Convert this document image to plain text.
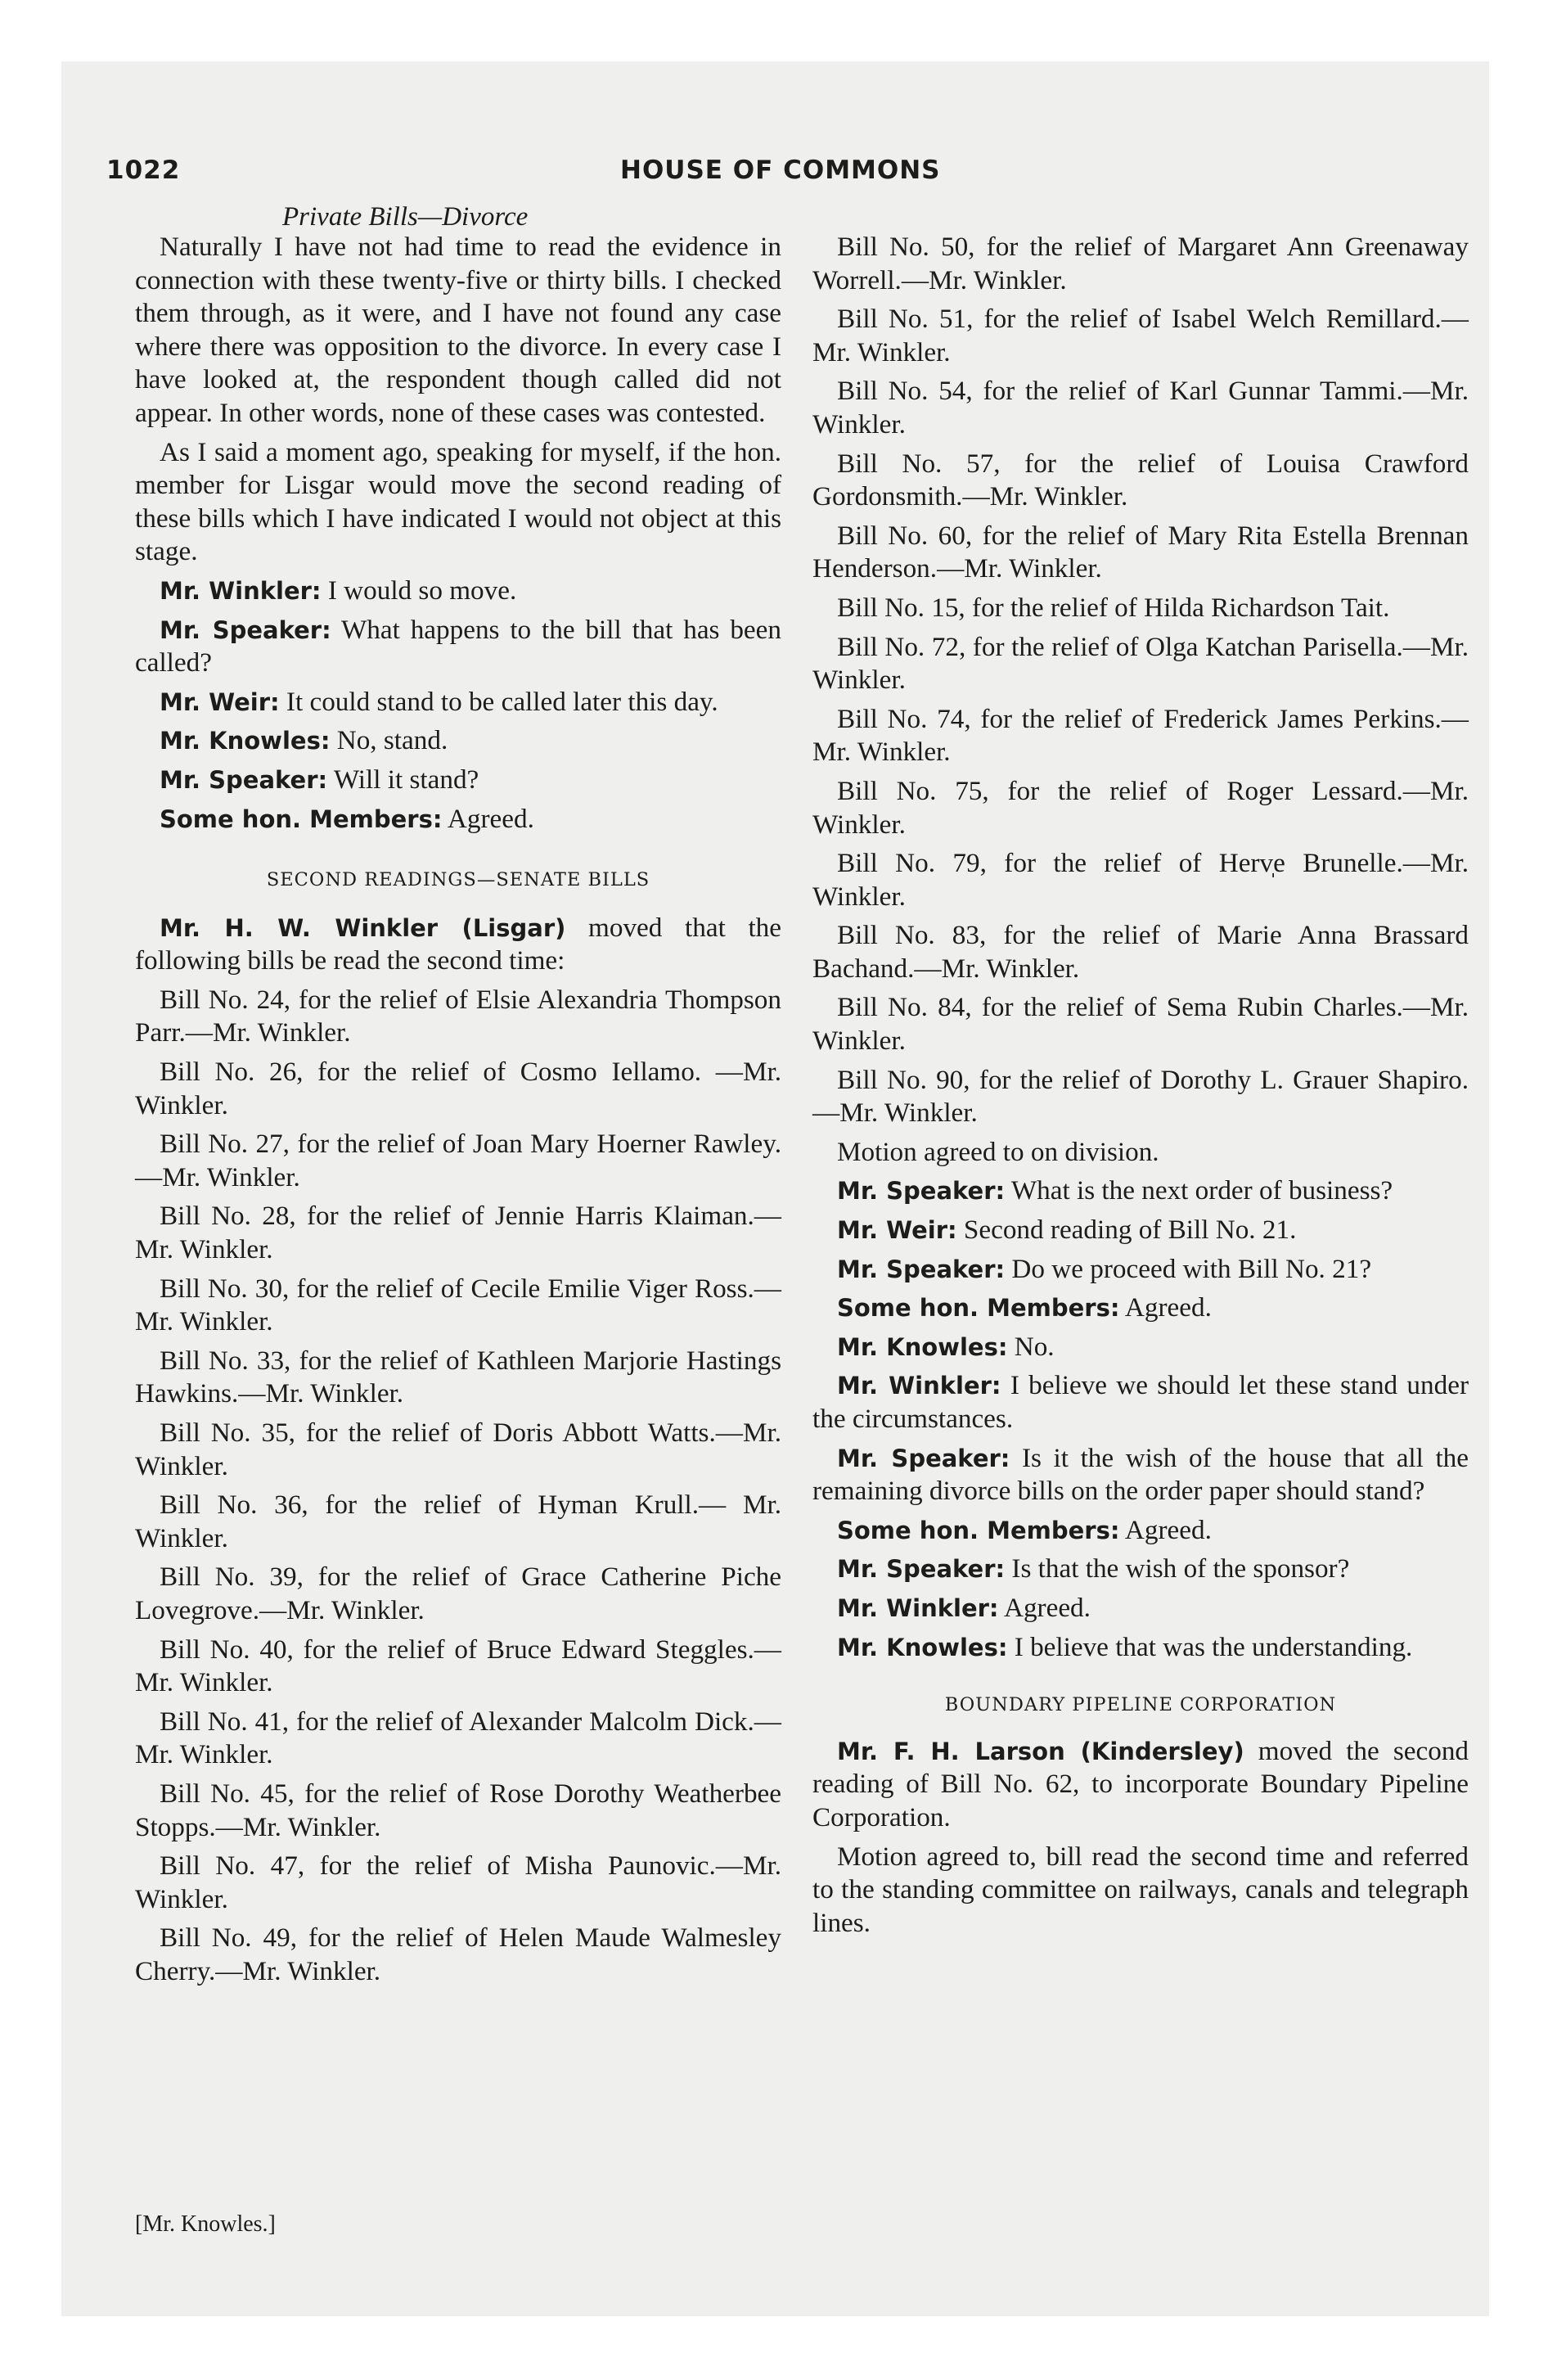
1022	HOUSE OF COMMONS
Private Bills—Divorce

Naturally I have not had time to read the evidence in connection with these twenty-five or thirty bills. I checked them through, as it were, and I have not found any case where there was opposition to the divorce. In every case I have looked at, the respondent though called did not appear. In other words, none of these cases was contested.

As I said a moment ago, speaking for myself, if the hon. member for Lisgar would move the second reading of these bills which I have indicated I would not object at this stage.

Mr. Winkler: I would so move.

Mr. Speaker: What happens to the bill that has been called?

Mr. Weir: It could stand to be called later this day.

Mr. Knowles: No, stand.

Mr. Speaker: Will it stand?

Some hon. Members: Agreed.

SECOND READINGS—SENATE BILLS

Mr. H. W. Winkler (Lisgar) moved that the following bills be read the second time:

Bill No. 24, for the relief of Elsie Alexandria Thompson Parr.—Mr. Winkler.

Bill No. 26, for the relief of Cosmo Iellamo. —Mr. Winkler.

Bill No. 27, for the relief of Joan Mary Hoerner Rawley.—Mr. Winkler.

Bill No. 28, for the relief of Jennie Harris Klaiman.—Mr. Winkler.

Bill No. 30, for the relief of Cecile Emilie Viger Ross.—Mr. Winkler.

Bill No. 33, for the relief of Kathleen Marjorie Hastings Hawkins.—Mr. Winkler.

Bill No. 35, for the relief of Doris Abbott Watts.—Mr. Winkler.

Bill No. 36, for the relief of Hyman Krull.— Mr. Winkler.

Bill No. 39, for the relief of Grace Catherine Piche Lovegrove.—Mr. Winkler.

Bill No. 40, for the relief of Bruce Edward Steggles.—Mr. Winkler.

Bill No. 41, for the relief of Alexander Malcolm Dick.—Mr. Winkler.

Bill No. 45, for the relief of Rose Dorothy Weatherbee Stopps.—Mr. Winkler.

Bill No. 47, for the relief of Misha Paunovic.—Mr. Winkler.

Bill No. 49, for the relief of Helen Maude Walmesley Cherry.—Mr. Winkler.

Bill No. 50, for the relief of Margaret Ann Greenaway Worrell.—Mr. Winkler.

Bill No. 51, for the relief of Isabel Welch Remillard.—Mr. Winkler.

Bill No. 54, for the relief of Karl Gunnar Tammi.—Mr. Winkler.

Bill No. 57, for the relief of Louisa Crawford Gordonsmith.—Mr. Winkler.

Bill No. 60, for the relief of Mary Rita Estella Brennan Henderson.—Mr. Winkler.

Bill No. 15, for the relief of Hilda Richardson Tait.

Bill No. 72, for the relief of Olga Katchan Parisella.—Mr. Winkler.

Bill No. 74, for the relief of Frederick James Perkins.—Mr. Winkler.

Bill No. 75, for the relief of Roger Lessard.—Mr. Winkler.

Bill No. 79, for the relief of Herv̩e Brunelle.—Mr. Winkler.

Bill No. 83, for the relief of Marie Anna Brassard Bachand.—Mr. Winkler.

Bill No. 84, for the relief of Sema Rubin Charles.—Mr. Winkler.

Bill No. 90, for the relief of Dorothy L. Grauer Shapiro.—Mr. Winkler.

Motion agreed to on division.

Mr. Speaker: What is the next order of business?

Mr. Weir: Second reading of Bill No. 21.

Mr. Speaker: Do we proceed with Bill No. 21?

Some hon. Members: Agreed.

Mr. Knowles: No.

Mr. Winkler: I believe we should let these stand under the circumstances.

Mr. Speaker: Is it the wish of the house that all the remaining divorce bills on the order paper should stand?

Some hon. Members: Agreed.

Mr. Speaker: Is that the wish of the sponsor?

Mr. Winkler: Agreed.

Mr. Knowles: I believe that was the understanding.

BOUNDARY PIPELINE CORPORATION

Mr. F. H. Larson (Kindersley) moved the second reading of Bill No. 62, to incorporate Boundary Pipeline Corporation.

Motion agreed to, bill read the second time and referred to the standing committee on railways, canals and telegraph lines.

[Mr. Knowles.]
